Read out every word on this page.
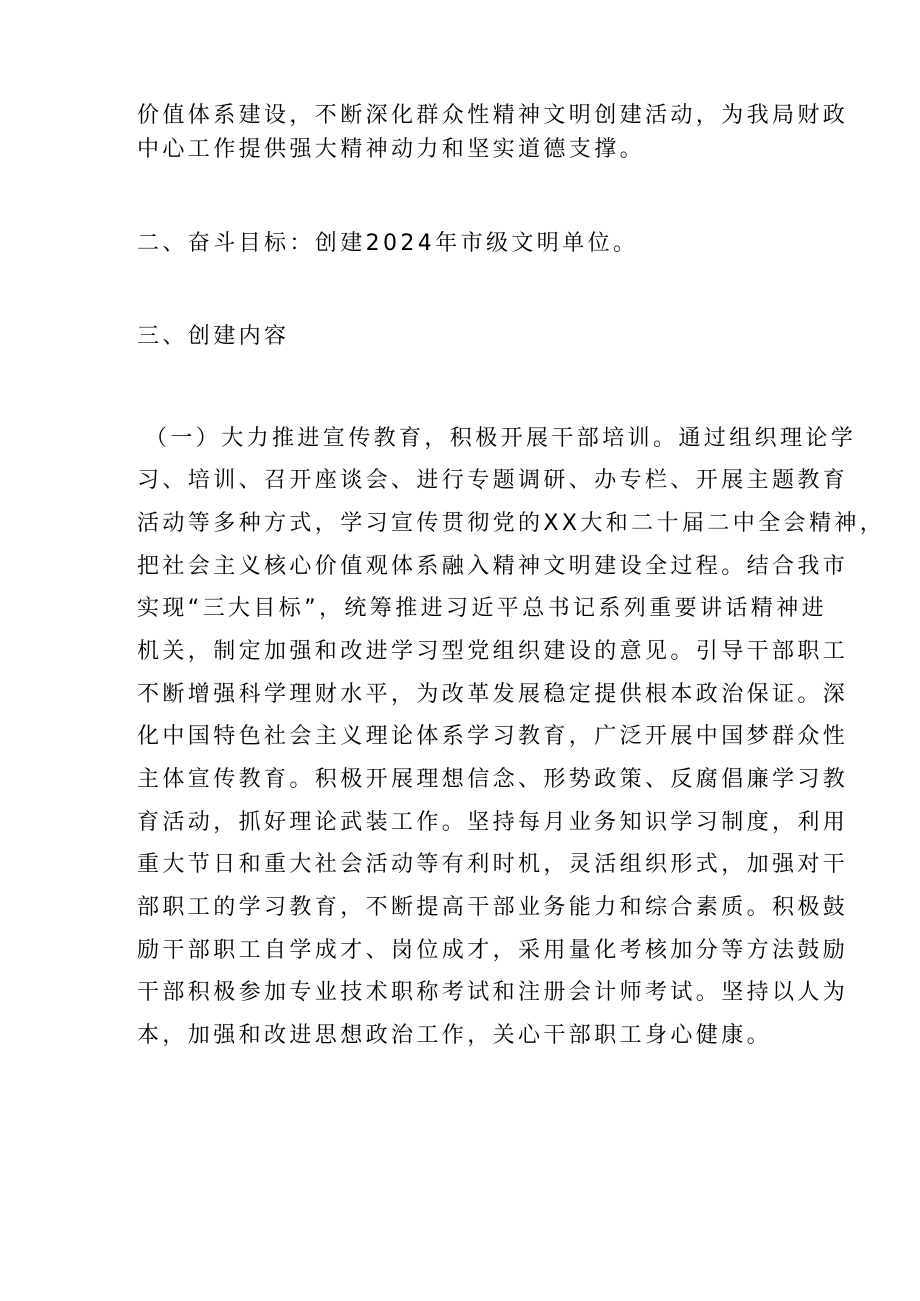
价值体系建设，不断深化群众性精神文明创建活动，为我局财政
中心工作提供强大精神动力和坚实道德支撑。
二、奋斗目标：创建2024年市级文明单位。
三、创建内容
（一）大力推进宣传教育，积极开展干部培训。通过组织理论学
习、培训、召开座谈会、进行专题调研、办专栏、开展主题教育
活动等多种方式，学习宣传贯彻党的XX大和二十届二中全会精神，
把社会主义核心价值观体系融入精神文明建设全过程。结合我市
实现“三大目标”，统筹推进习近平总书记系列重要讲话精神进
机关，制定加强和改进学习型党组织建设的意见。引导干部职工
不断增强科学理财水平，为改革发展稳定提供根本政治保证。深
化中国特色社会主义理论体系学习教育，广泛开展中国梦群众性
主体宣传教育。积极开展理想信念、形势政策、反腐倡廉学习教
育活动，抓好理论武装工作。坚持每月业务知识学习制度，利用
重大节日和重大社会活动等有利时机，灵活组织形式，加强对干
部职工的学习教育，不断提高干部业务能力和综合素质。积极鼓
励干部职工自学成才、岗位成才，采用量化考核加分等方法鼓励
干部积极参加专业技术职称考试和注册会计师考试。坚持以人为
本，加强和改进思想政治工作，关心干部职工身心健康。
